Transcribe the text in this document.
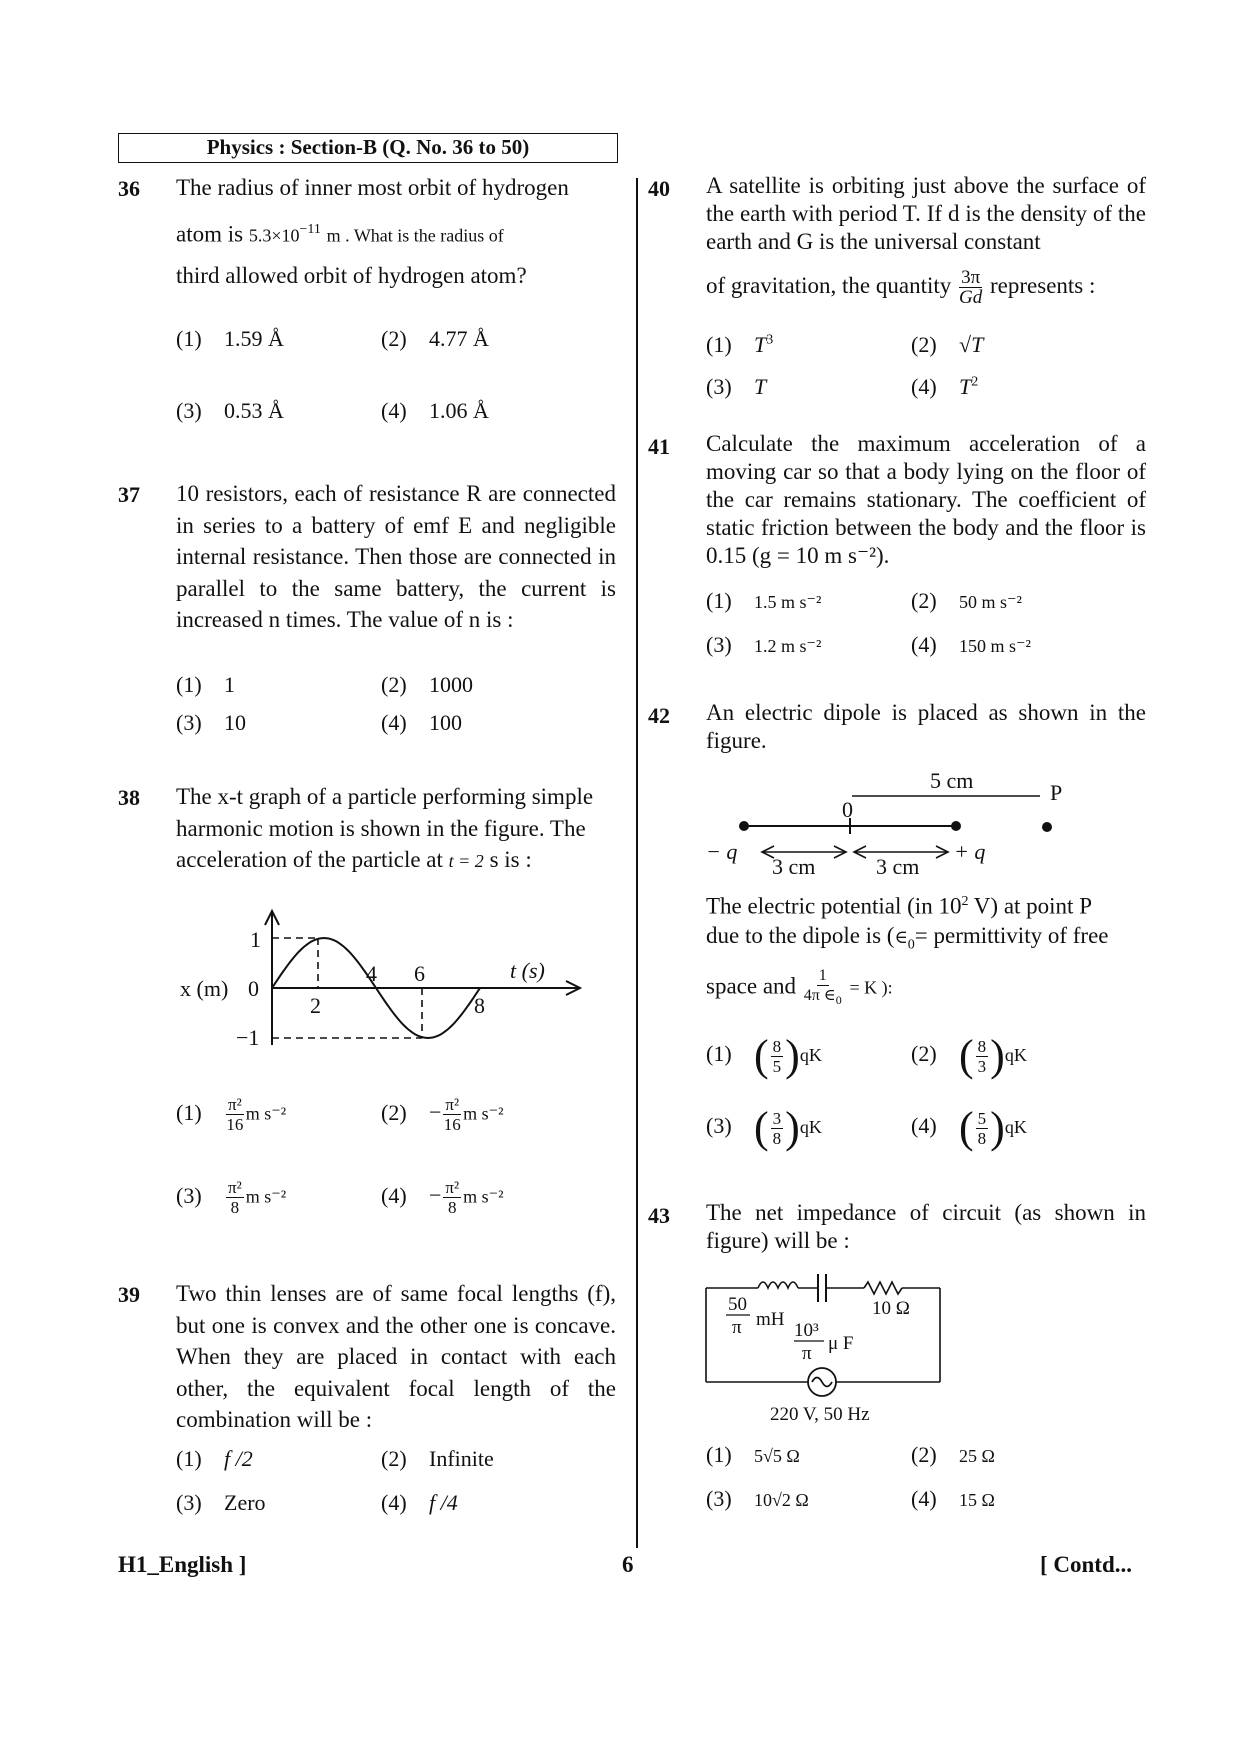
Physics : Section-B (Q. No. 36 to 50)
36 The radius of inner most orbit of hydrogen
atom is $5.3\times 10^{-11}$ m . What is the radius of
third allowed orbit of hydrogen atom?
(1) 1.59 Å	(2) 4.77 Å
(3) 0.53 Å	(4) 1.06 Å
37 10 resistors, each of resistance R are connected in series to a battery of emf E and negligible internal resistance. Then those are connected in parallel to the same battery, the current is increased n times. The value of n is :
(1) 1	(2) 1000
(3) 10	(4) 100
38 The x-t graph of a particle performing simple
harmonic motion is shown in the figure. The
acceleration of the particle at t = 2 s is :
1
0
−1
2
4 6
8
x (m)
t (s)
$(1) \frac{\text{π²}}{16}$ m s⁻²	$(2) - \frac{\text{π²}}{16}$ m s⁻²
$(3) \frac{\text{π²}}{8}$ m s⁻²	$(4) - \frac{\text{π²}}{8}$ m s⁻²
39 Two thin lenses are of same focal lengths (f), but one is convex and the other one is concave. When they are placed in contact with each other, the equivalent focal length of the combination will be :
(1) f /2	(2) Infinite
(3) Zero	(4) f /4
40 A satellite is orbiting just above the surface of the earth with period T. If d is the density of the earth and G is the universal constant
of gravitation, the quantity $\frac{3\pi}{Gd}$ represents :
(1) $T^3$	(2) √T
(3) T	(4) $T^2$
41 Calculate the maximum acceleration of a moving car so that a body lying on the floor of the car remains stationary. The coefficient of static friction between the body and the floor is 0.15 (g = 10 m s⁻²).
(1) 1.5 m s⁻²	(2) 50 m s⁻²
(3) 1.2 m s⁻²	(4) 150 m s⁻²
42 An electric dipole is placed as shown in the figure.
5 cm
0
P
− q	+ q
3 cm	3 cm
The electric potential (in $10^2$ V) at point P
due to the dipole is ($\in_0=$ permittivity of free
space and $\frac{1}{4\pi \in_0} = K$ ):
(1) ( $\frac{8}{5} )qK$	(2) ( $\frac{8}{3} )qK$
(3) ( $\frac{3}{8} )qK$	(4) ( $\frac{5}{8} )qK$
43 The net impedance of circuit (as shown in figure) will be :
50
π mH
10³
π μ F
10 Ω
220 V, 50 Hz
(1) 5√5 Ω	(2) 25 Ω
(3) 10√2 Ω	(4) 15 Ω
H1_English ]	6	[ Contd...
